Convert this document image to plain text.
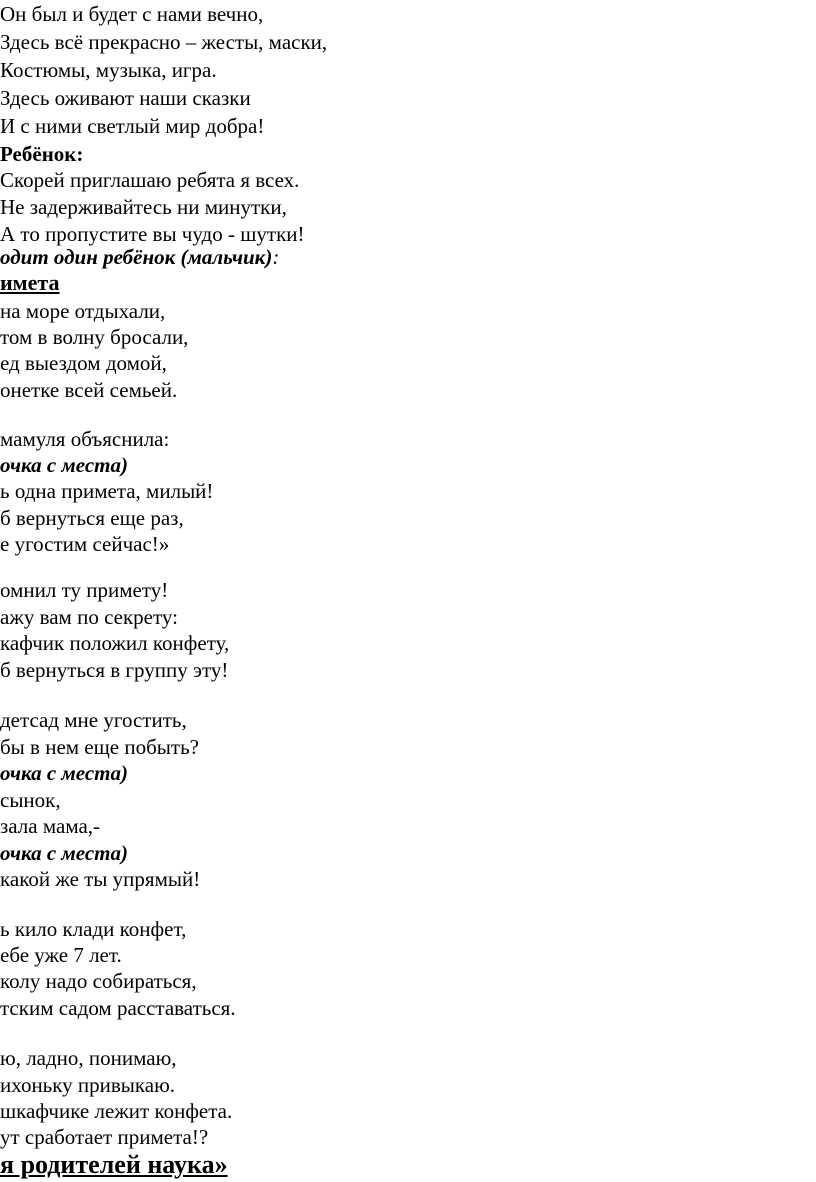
Он был и будет с нами вечно,
Здесь всё прекрасно – жесты, маски,
Костюмы, музыка, игра.
Здесь оживают наши сказки
И с ними светлый мир добра!
Ребёнок:
Скорей приглашаю ребята я всех.
Не задерживайтесь ни минутки,
А то пропустите вы чудо - шутки!
одит один ребёнок (мальчик):
имета
на море отдыхали,
том в волну бросали,
ед выездом домой,
онетке всей семьей.
мамуля объяснила:
очка с места)
ь одна примета, милый!
б вернуться еще раз,
е угостим сейчас!»
омнил ту примету!
ажу вам по секрету:
кафчик положил конфету,
б вернуться в группу эту!
детсад мне угостить,
бы в нем еще побыть?
очка с места)
сынок,
зала мама,-
очка с места)
какой же ты упрямый!
ь кило клади конфет,
ебе уже 7 лет.
колу надо собираться,
тским садом расставаться.
ю, ладно, понимаю,
ихоньку привыкаю.
шкафчике лежит конфета.
ут сработает примета!?
я родителей наука»
